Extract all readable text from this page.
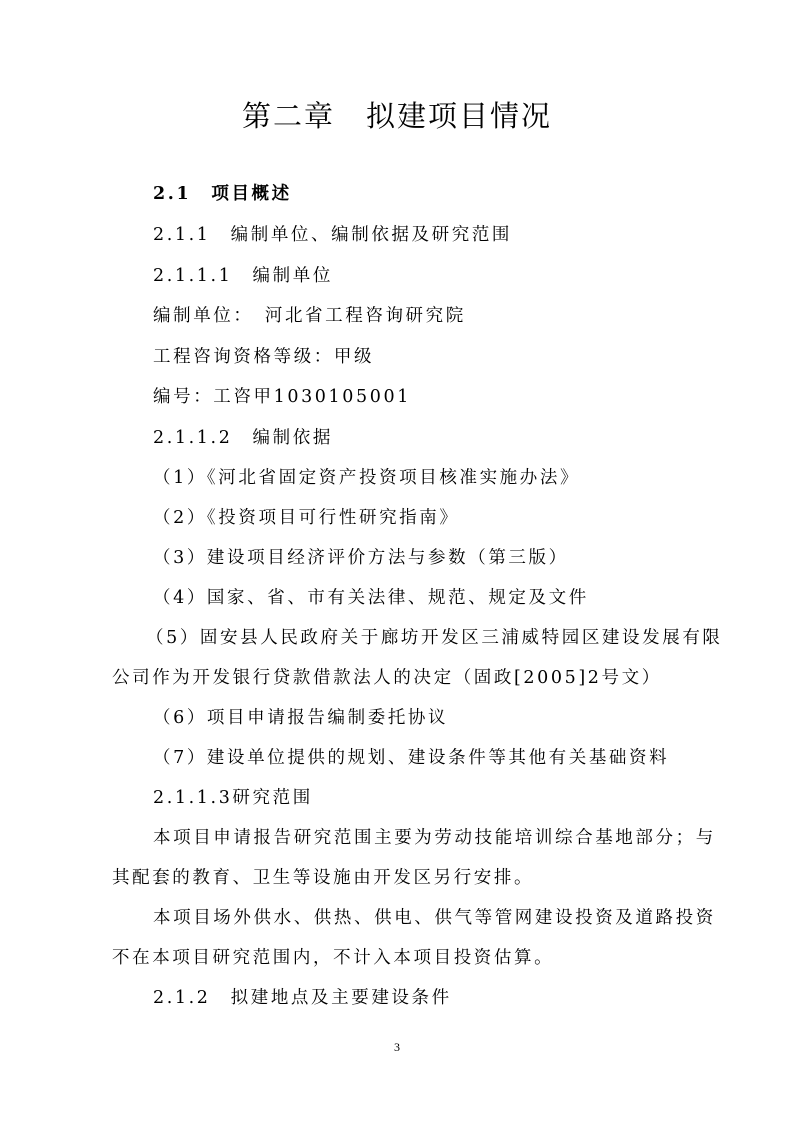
第二章　拟建项目情况
2.1　项目概述
2.1.1　编制单位、编制依据及研究范围
2.1.1.1　编制单位
编制单位：　河北省工程咨询研究院
工程咨询资格等级：甲级
编号：工咨甲1030105001
2.1.1.2　编制依据
（1）《河北省固定资产投资项目核准实施办法》
（2）《投资项目可行性研究指南》
（3）建设项目经济评价方法与参数（第三版）
（4）国家、省、市有关法律、规范、规定及文件
（5）固安县人民政府关于廊坊开发区三浦威特园区建设发展有限
公司作为开发银行贷款借款法人的决定（固政[2005]2号文）
（6）项目申请报告编制委托协议
（7）建设单位提供的规划、建设条件等其他有关基础资料
2.1.1.3研究范围
本项目申请报告研究范围主要为劳动技能培训综合基地部分；与
其配套的教育、卫生等设施由开发区另行安排。
本项目场外供水、供热、供电、供气等管网建设投资及道路投资
不在本项目研究范围内，不计入本项目投资估算。
2.1.2　拟建地点及主要建设条件
3
